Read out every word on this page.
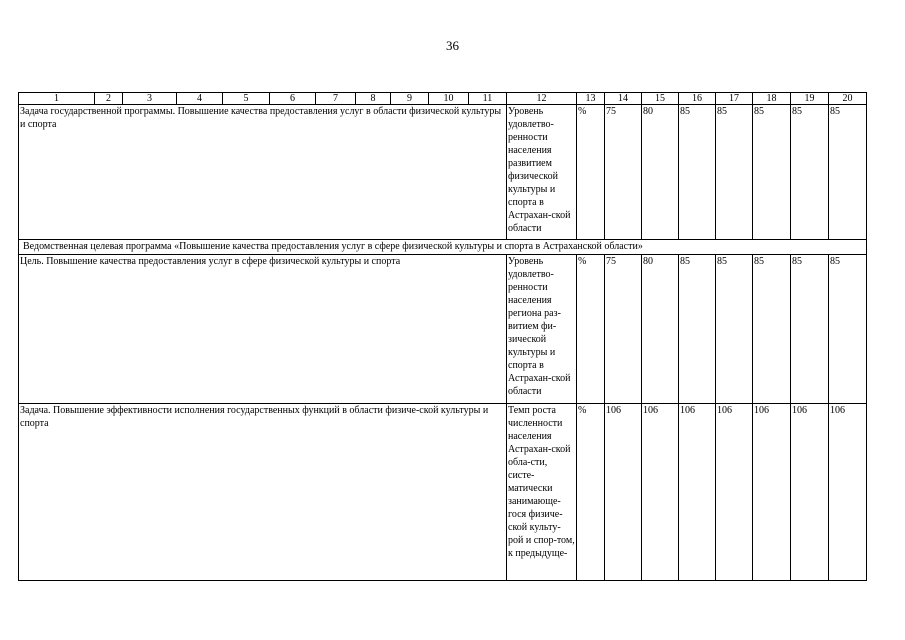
36
1	2	3	4	5	6	7	8	9	10	11	12	13	14	15	16	17	18	19	20
Задача государственной программы. Повышение качества предоставления услуг в области физической культуры и спорта											Уровень удовлетво-ренности населения развитием физической культуры и спорта в Астрахан-ской области	%	75	80	85	85	85	85	85
Ведомственная целевая программа «Повышение качества предоставления услуг в сфере физической культуры и спорта в Астраханской области»																			
Цель. Повышение качества предоставления услуг в сфере физической культуры и спорта											Уровень удовлетво-ренности населения региона раз-витием фи-зической культуры и спорта в Астрахан-ской области	%	75	80	85	85	85	85	85
Задача. Повышение эффективности исполнения государственных функций в области физиче-ской культуры и спорта											Темп роста численности населения Астрахан-ской обла-сти, систе-матически занимающе-гося физиче-ской культу-рой и спор-том, к предыдуще-	%	106	106	106	106	106	106	106
